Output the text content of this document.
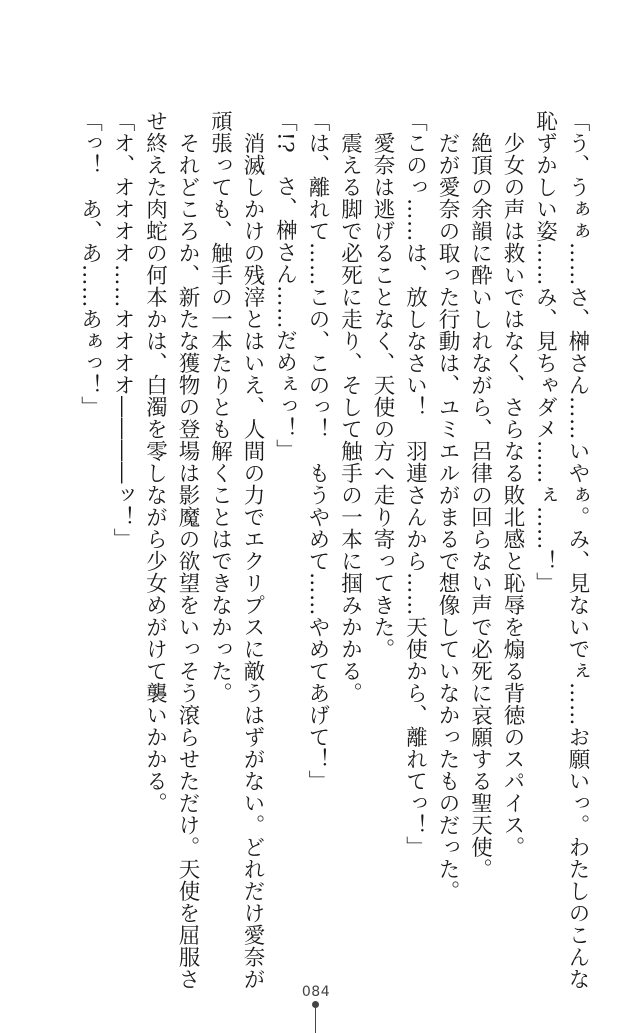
「う、うぁぁ……さ、榊さん……いやぁ。み、見ないでぇ……お願いっ。わたしのこんな
恥ずかしい姿……み、見ちゃダメ……ぇ……！」
　少女の声は救いではなく、さらなる敗北感と恥辱を煽る背徳のスパイス。
　絶頂の余韻に酔いしれながら、呂律の回らない声で必死に哀願する聖天使。
　だが愛奈の取った行動は、ユミエルがまるで想像していなかったものだった。
「このっ……は、放しなさい！　羽連さんから……天使から、離れてっ！」
　愛奈は逃げることなく、天使の方へ走り寄ってきた。
　震える脚で必死に走り、そして触手の一本に掴みかかる。
「は、離れて……この、このっ！　もうやめて……やめてあげて！」
「!?　さ、榊さん……だめぇっ！」
　消滅しかけの残滓とはいえ、人間の力でエクリプスに敵うはずがない。どれだけ愛奈が
頑張っても、触手の一本たりとも解くことはできなかった。
　それどころか、新たな獲物の登場は影魔の欲望をいっそう滾らせただけ。天使を屈服さ
せ終えた肉蛇の何本かは、白濁を零しながら少女めがけて襲いかかる。
「オ、オオオオ……オオオオ――――ッ！」
「っ！　あ、あ……あぁっ！」
084
